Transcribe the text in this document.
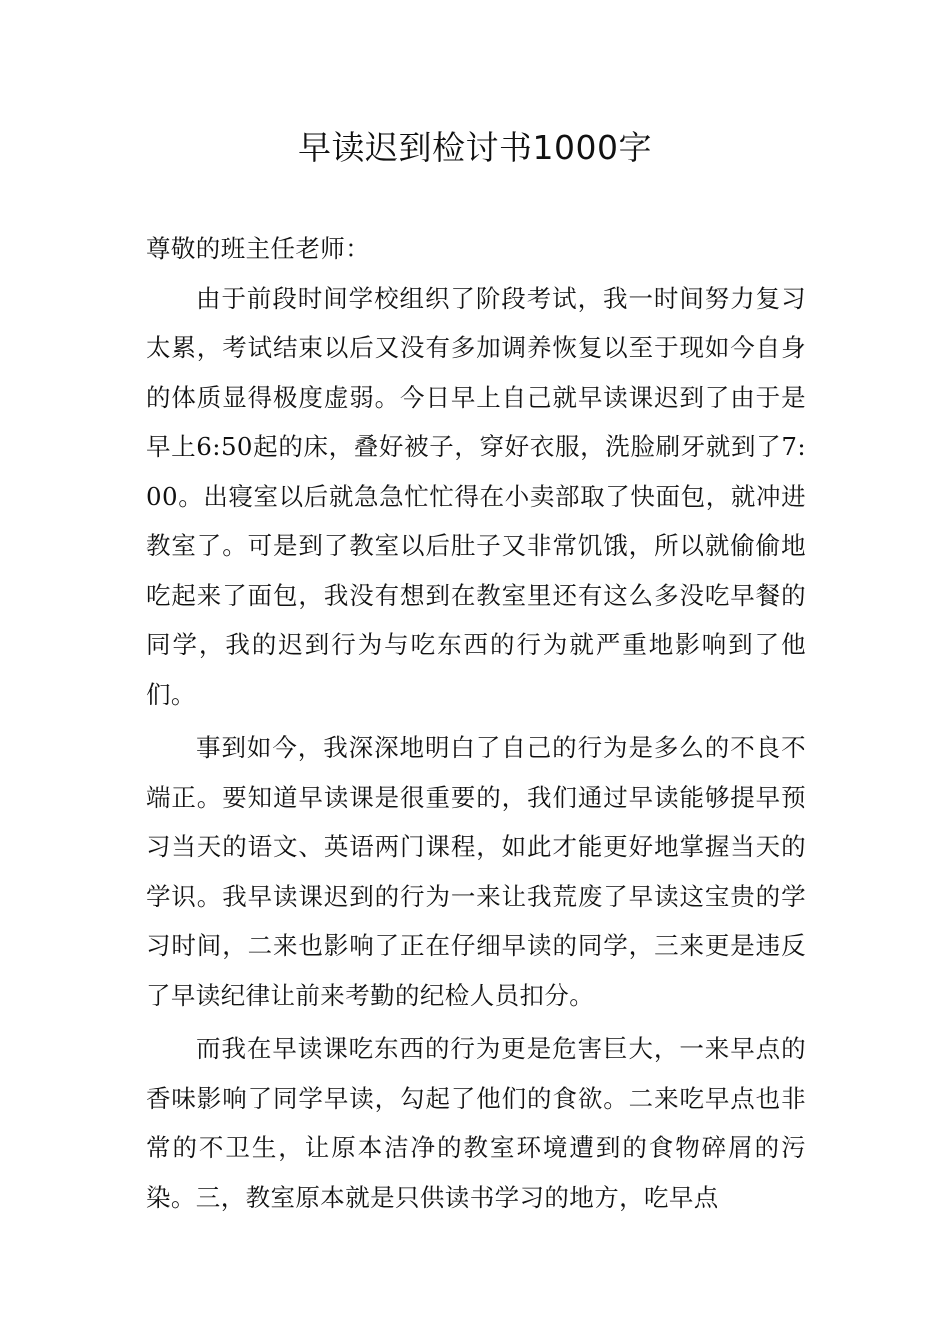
早读迟到检讨书1000字

尊敬的班主任老师：

由于前段时间学校组织了阶段考试，我一时间努力复习太累，考试结束以后又没有多加调养恢复以至于现如今自身的体质显得极度虚弱。今日早上自己就早读课迟到了由于是早上6:50起的床，叠好被子，穿好衣服，洗脸刷牙就到了7:00。出寝室以后就急急忙忙得在小卖部取了快面包，就冲进教室了。可是到了教室以后肚子又非常饥饿，所以就偷偷地吃起来了面包，我没有想到在教室里还有这么多没吃早餐的同学，我的迟到行为与吃东西的行为就严重地影响到了他们。

事到如今，我深深地明白了自己的行为是多么的不良不端正。要知道早读课是很重要的，我们通过早读能够提早预习当天的语文、英语两门课程，如此才能更好地掌握当天的学识。我早读课迟到的行为一来让我荒废了早读这宝贵的学习时间，二来也影响了正在仔细早读的同学，三来更是违反了早读纪律让前来考勤的纪检人员扣分。

而我在早读课吃东西的行为更是危害巨大，一来早点的香味影响了同学早读，勾起了他们的食欲。二来吃早点也非常的不卫生，让原本洁净的教室环境遭到的食物碎屑的污染。三，教室原本就是只供读书学习的地方，吃早点
